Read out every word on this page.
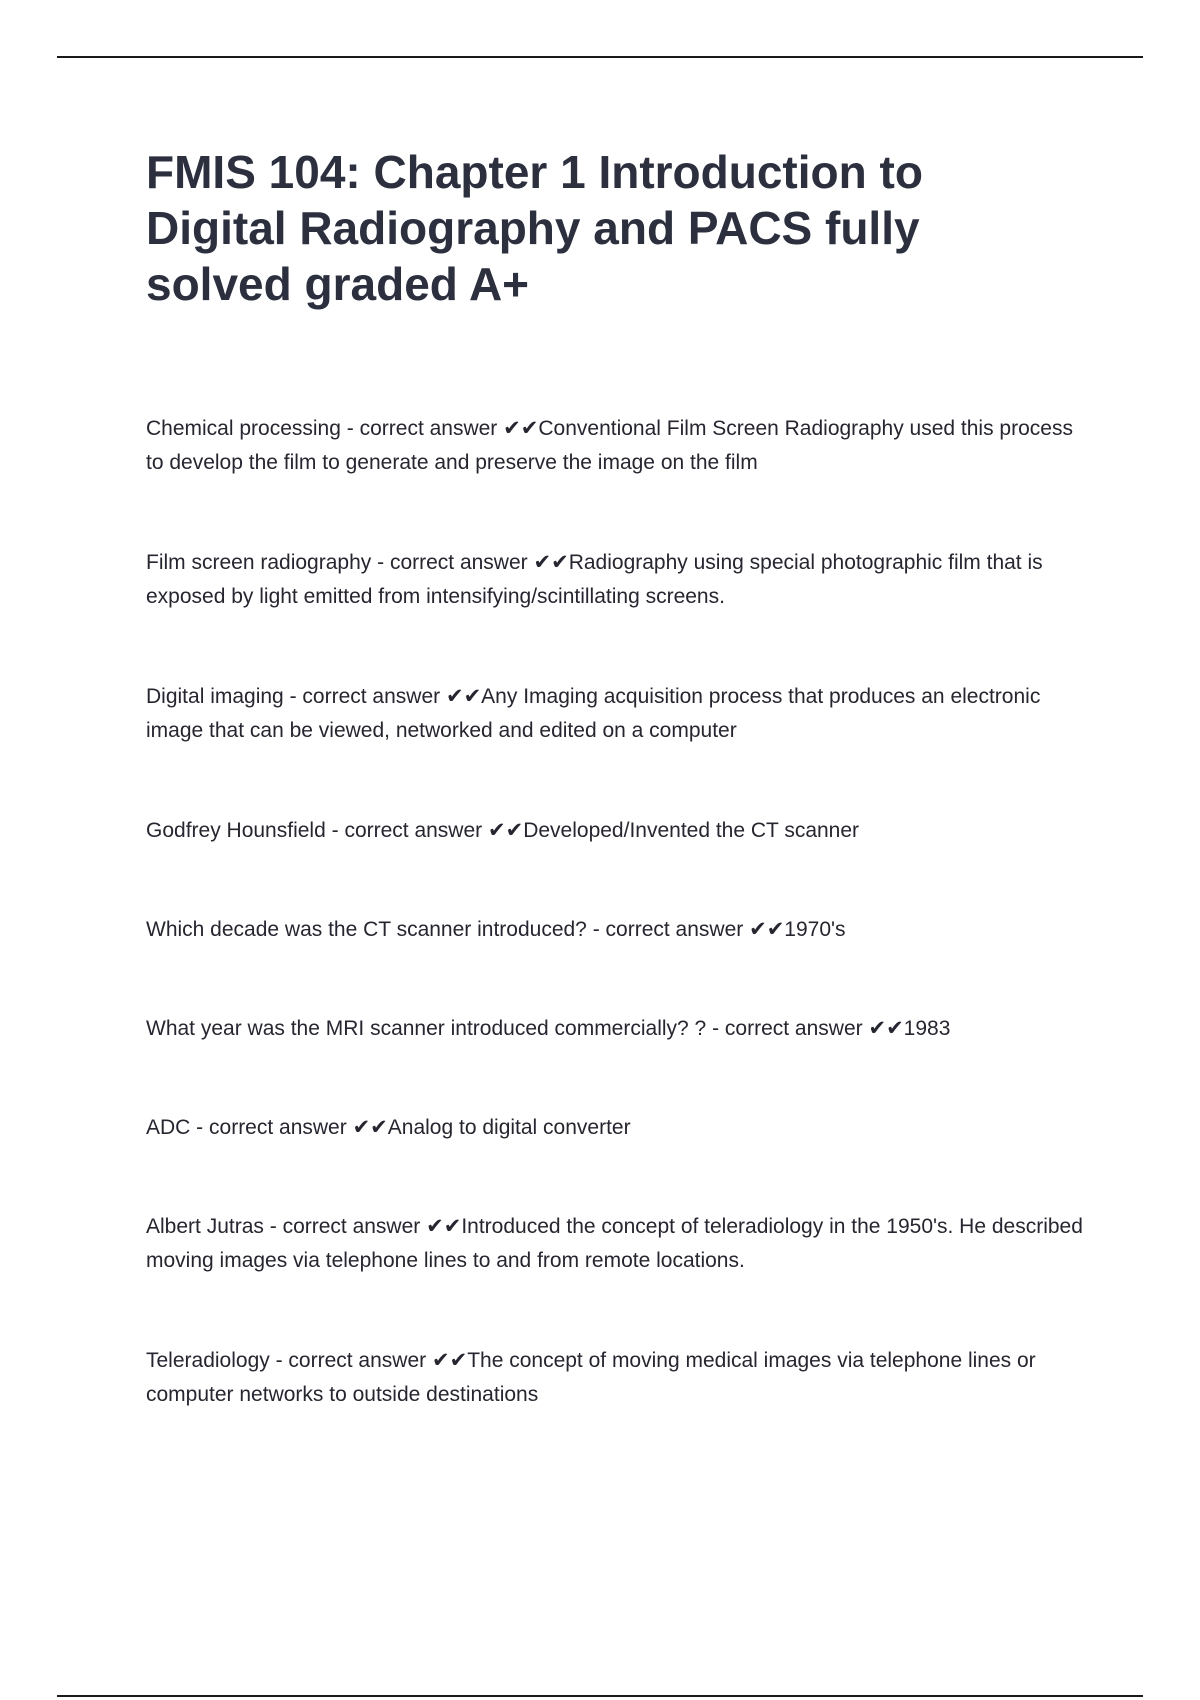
FMIS 104: Chapter 1 Introduction to Digital Radiography and PACS fully solved graded A+
Chemical processing - correct answer ✔✔Conventional Film Screen Radiography used this process to develop the film to generate and preserve the image on the film
Film screen radiography - correct answer ✔✔Radiography using special photographic film that is exposed by light emitted from intensifying/scintillating screens.
Digital imaging - correct answer ✔✔Any Imaging acquisition process that produces an electronic image that can be viewed, networked and edited on a computer
Godfrey Hounsfield - correct answer ✔✔Developed/Invented the CT scanner
Which decade was the CT scanner introduced? - correct answer ✔✔1970's
What year was the MRI scanner introduced commercially? ? - correct answer ✔✔1983
ADC - correct answer ✔✔Analog to digital converter
Albert Jutras - correct answer ✔✔Introduced the concept of teleradiology in the 1950's. He described moving images via telephone lines to and from remote locations.
Teleradiology - correct answer ✔✔The concept of moving medical images via telephone lines or computer networks to outside destinations
